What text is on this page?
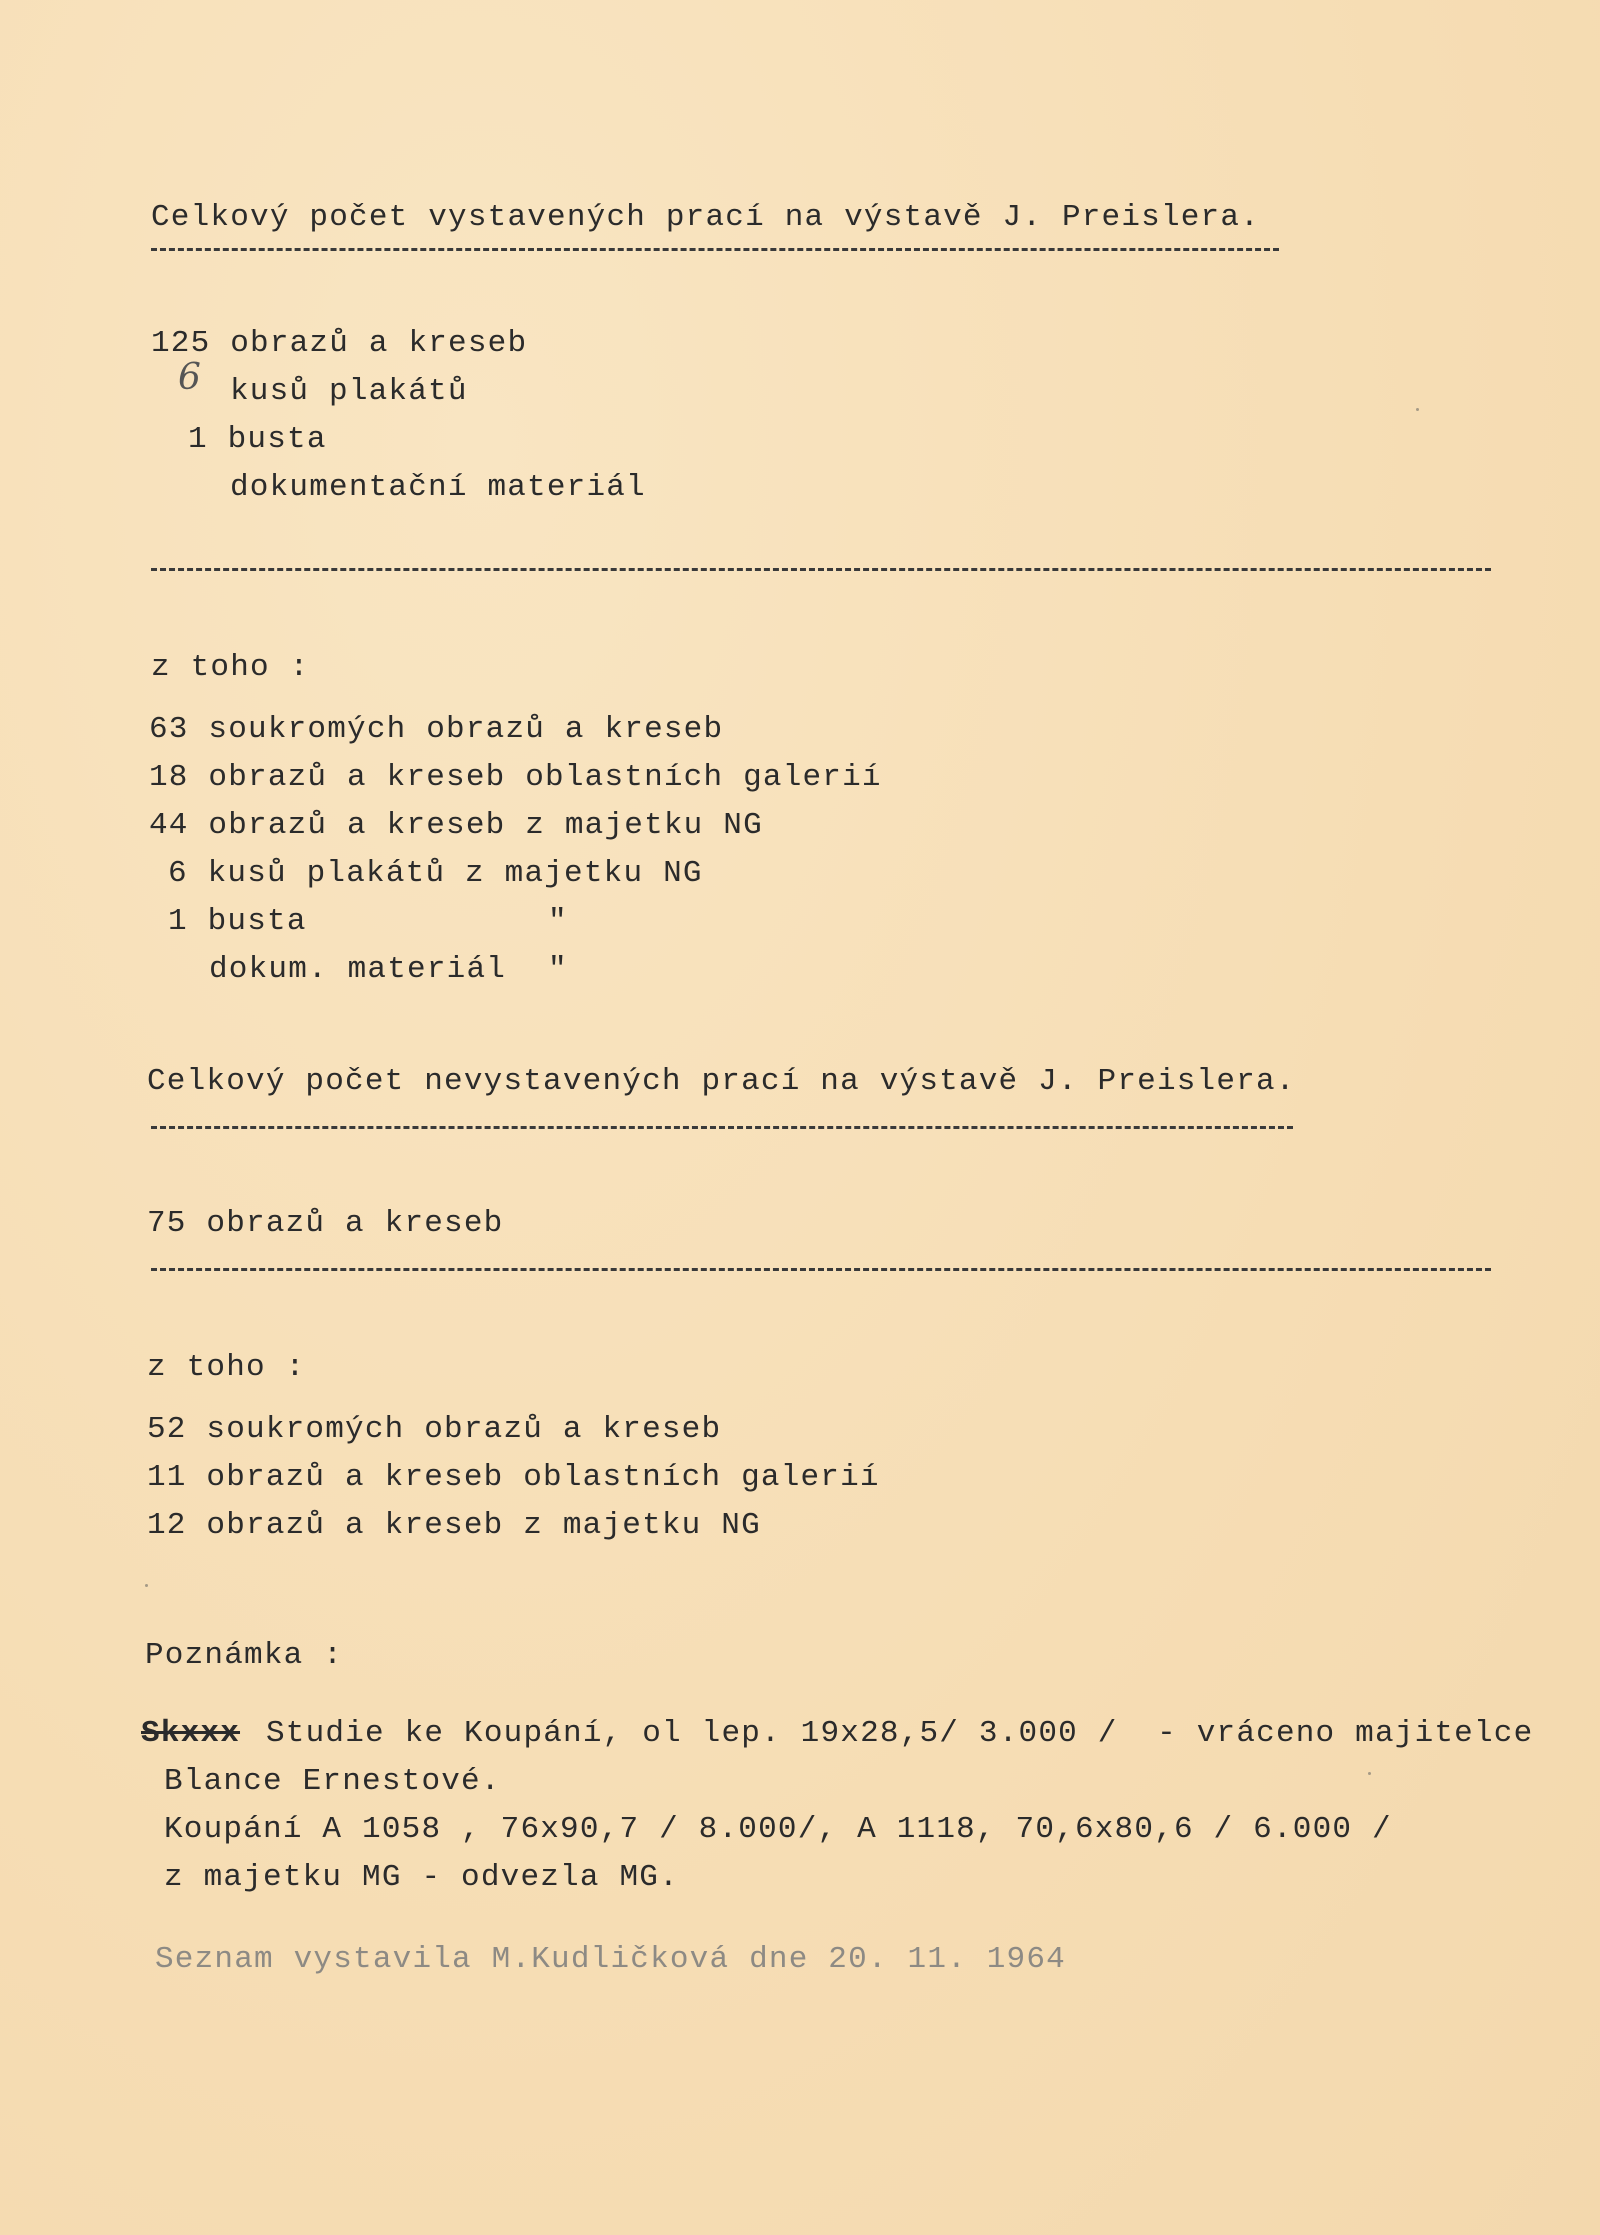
Celkový počet vystavených prací na výstavě J. Preislera.
125 obrazů a kreseb
6 kusů plakátů
1 busta
dokumentační materiál
z toho :
63 soukromých obrazů a kreseb
18 obrazů a kreseb oblastních galerií
44 obrazů a kreseb z majetku NG
6 kusů plakátů z majetku NG
1 busta	"
dokum. materiál "
Celkový počet nevystavených prací na výstavě J. Preislera.
75 obrazů a kreseb
z toho :
52 soukromých obrazů a kreseb
11 obrazů a kreseb oblastních galerií
12 obrazů a kreseb z majetku NG
Poznámka :
Skxxx Studie ke Koupání, ol lep. 19x28,5/ 3.000 /  - vráceno majitelce
Blance Ernestové.
Koupání A 1058 , 76x90,7 / 8.000/, A 1118, 70,6x80,6 / 6.000 /
z majetku MG - odvezla MG.
Seznam vystavila M.Kudličková dne 20. 11. 1964
